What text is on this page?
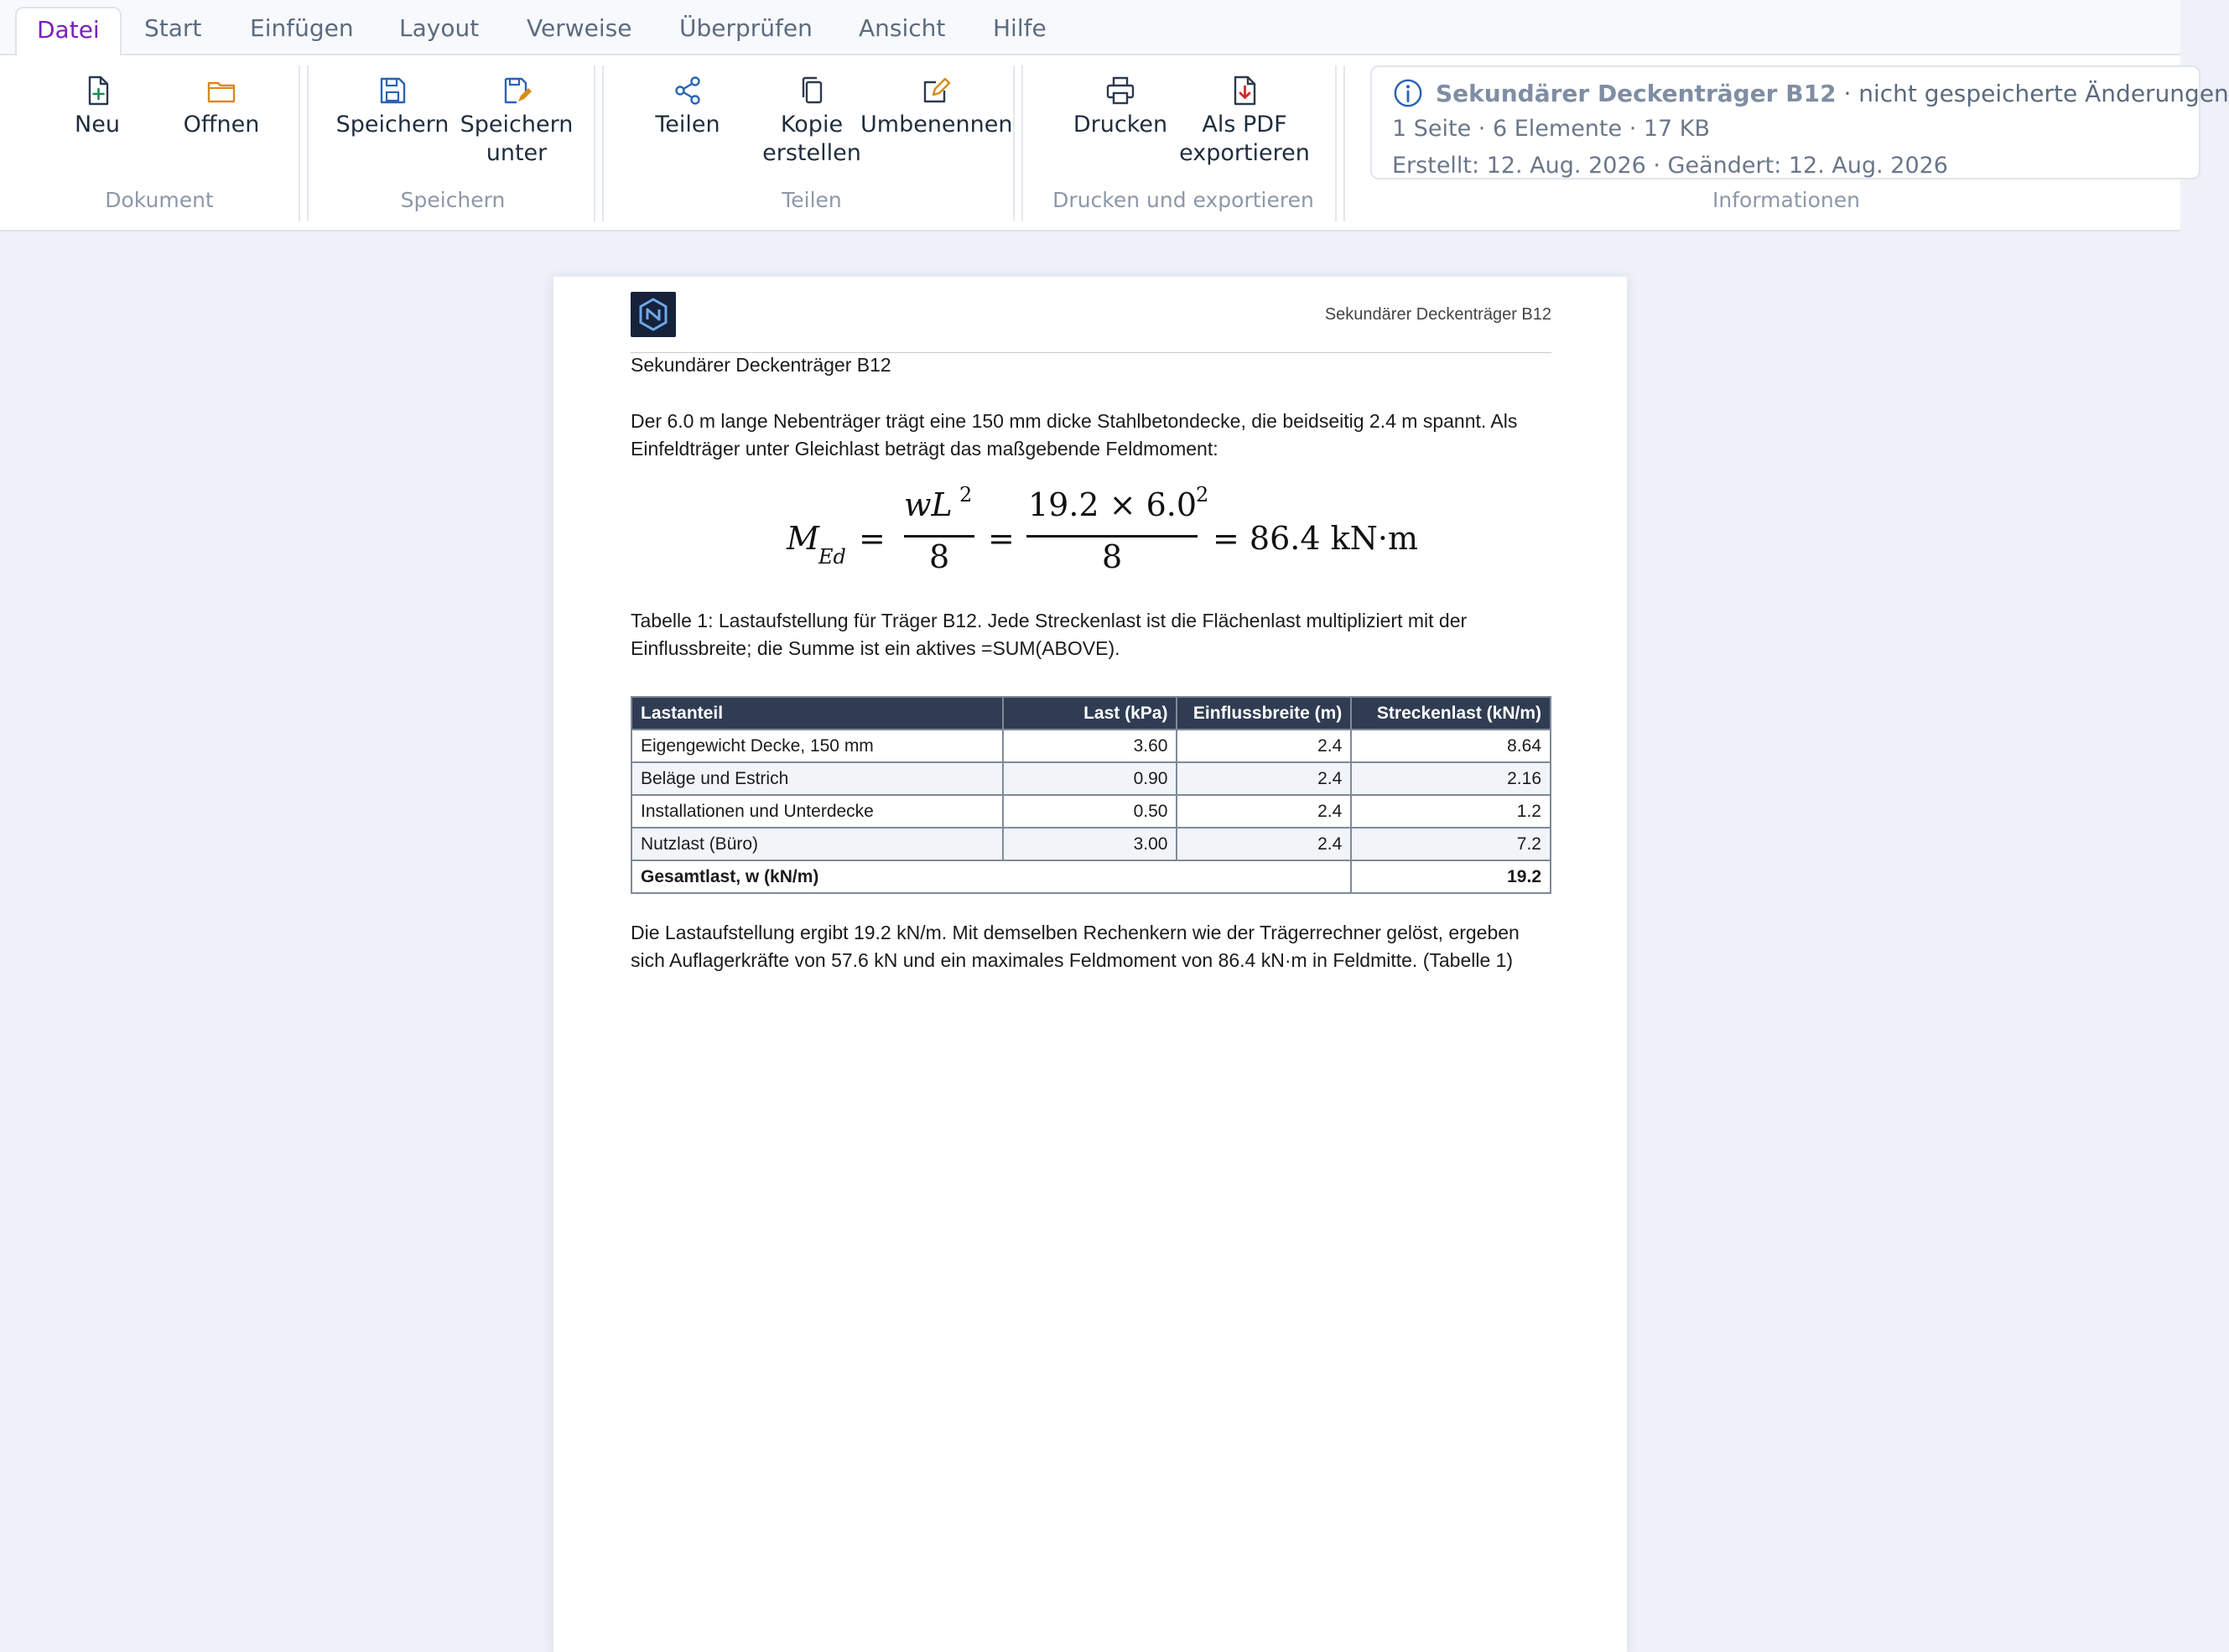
Datei	Start	Einfügen	Layout	Verweise	Überprüfen	Ansicht	Hilfe
Neu	Offnen
Dokument
Speichern Speichern
unter
Speichern
Teilen	Kopie
erstellen
Umbenennen
Teilen
Drucken	Als PDF
exportieren
Drucken und exportieren
Sekundärer Deckenträger B12 · nicht gespeicherte Änderungen
1 Seite · 6 Elemente · 17 KB
Erstellt: 12. Aug. 2026 · Geändert: 12. Aug. 2026
Informationen
Sekundärer Deckenträger B12
Sekundärer Deckenträger B12
Der 6.0 m lange Nebenträger trägt eine 150 mm dicke Stahlbetondecke, die beidseitig 2.4 m spannt. Als Einfeldträger unter Gleichlast beträgt das maßgebende Feldmoment:
M Ed =
wL 2
8 =
19.2 × 6.0
2
8	= 86.4 kN·m
Tabelle 1: Lastaufstellung für Träger B12. Jede Streckenlast ist die Flächenlast multipliziert mit der Einflussbreite; die Summe ist ein aktives =SUM(ABOVE).
Lastanteil	Last (kPa)	Einflussbreite (m)	Streckenlast (kN/m)
Eigengewicht Decke, 150 mm	3.60	2.4	8.64
Beläge und Estrich	0.90	2.4	2.16
Installationen und Unterdecke	0.50	2.4	1.2
Nutzlast (Büro)	3.00	2.4	7.2
Gesamtlast, w (kN/m)			19.2
Die Lastaufstellung ergibt 19.2 kN/m. Mit demselben Rechenkern wie der Trägerrechner gelöst, ergeben sich Auflagerkräfte von 57.6 kN und ein maximales Feldmoment von 86.4 kN·m in Feldmitte. (Tabelle 1)
